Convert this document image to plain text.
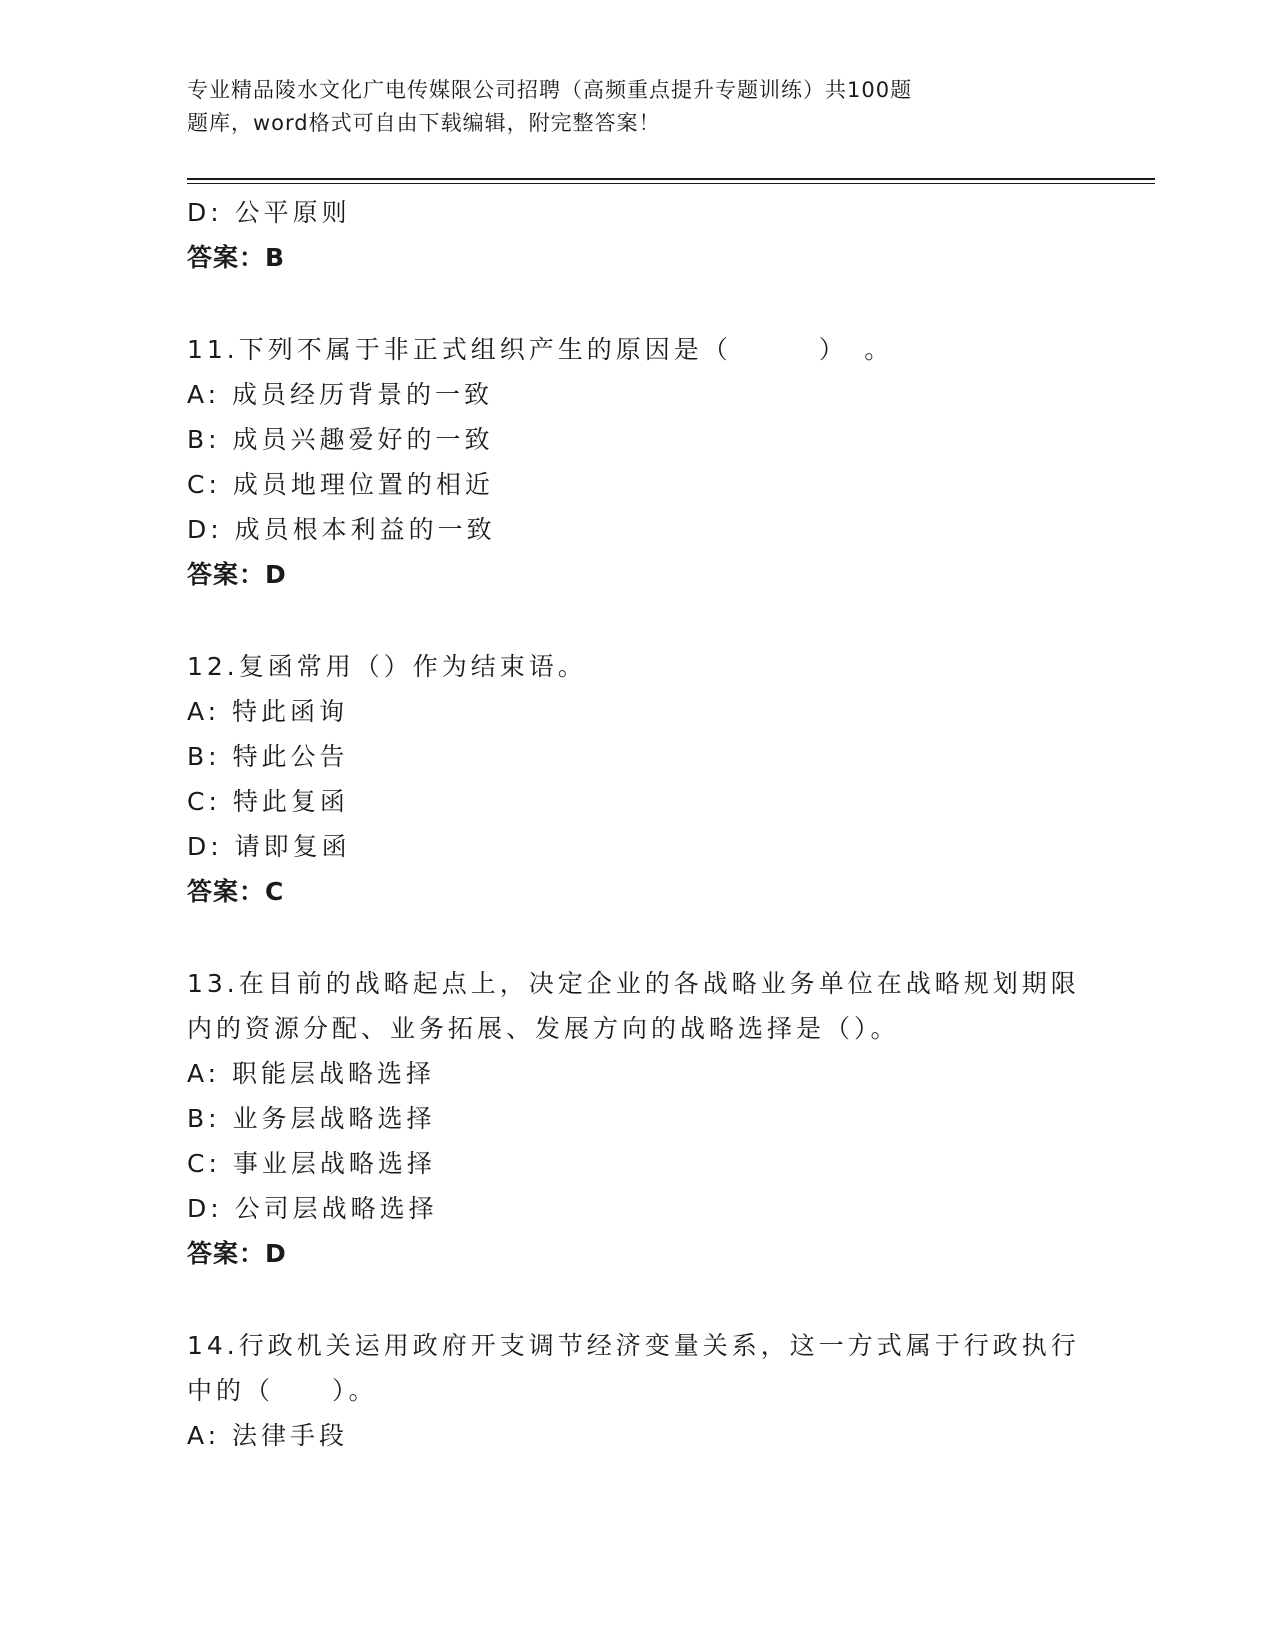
专业精品陵水文化广电传媒限公司招聘（高频重点提升专题训练）共100题
题库，word格式可自由下载编辑，附完整答案！
D: 公平原则
答案：B
11.下列不属于非正式组织产生的原因是（　　　）　。
A: 成员经历背景的一致
B: 成员兴趣爱好的一致
C: 成员地理位置的相近
D: 成员根本利益的一致
答案：D
12.复函常用（）作为结束语。
A: 特此函询
B: 特此公告
C: 特此复函
D: 请即复函
答案：C
13.在目前的战略起点上，决定企业的各战略业务单位在战略规划期限
内的资源分配、业务拓展、发展方向的战略选择是（）。
A: 职能层战略选择
B: 业务层战略选择
C: 事业层战略选择
D: 公司层战略选择
答案：D
14.行政机关运用政府开支调节经济变量关系，这一方式属于行政执行
中的（　　）。
A: 法律手段
